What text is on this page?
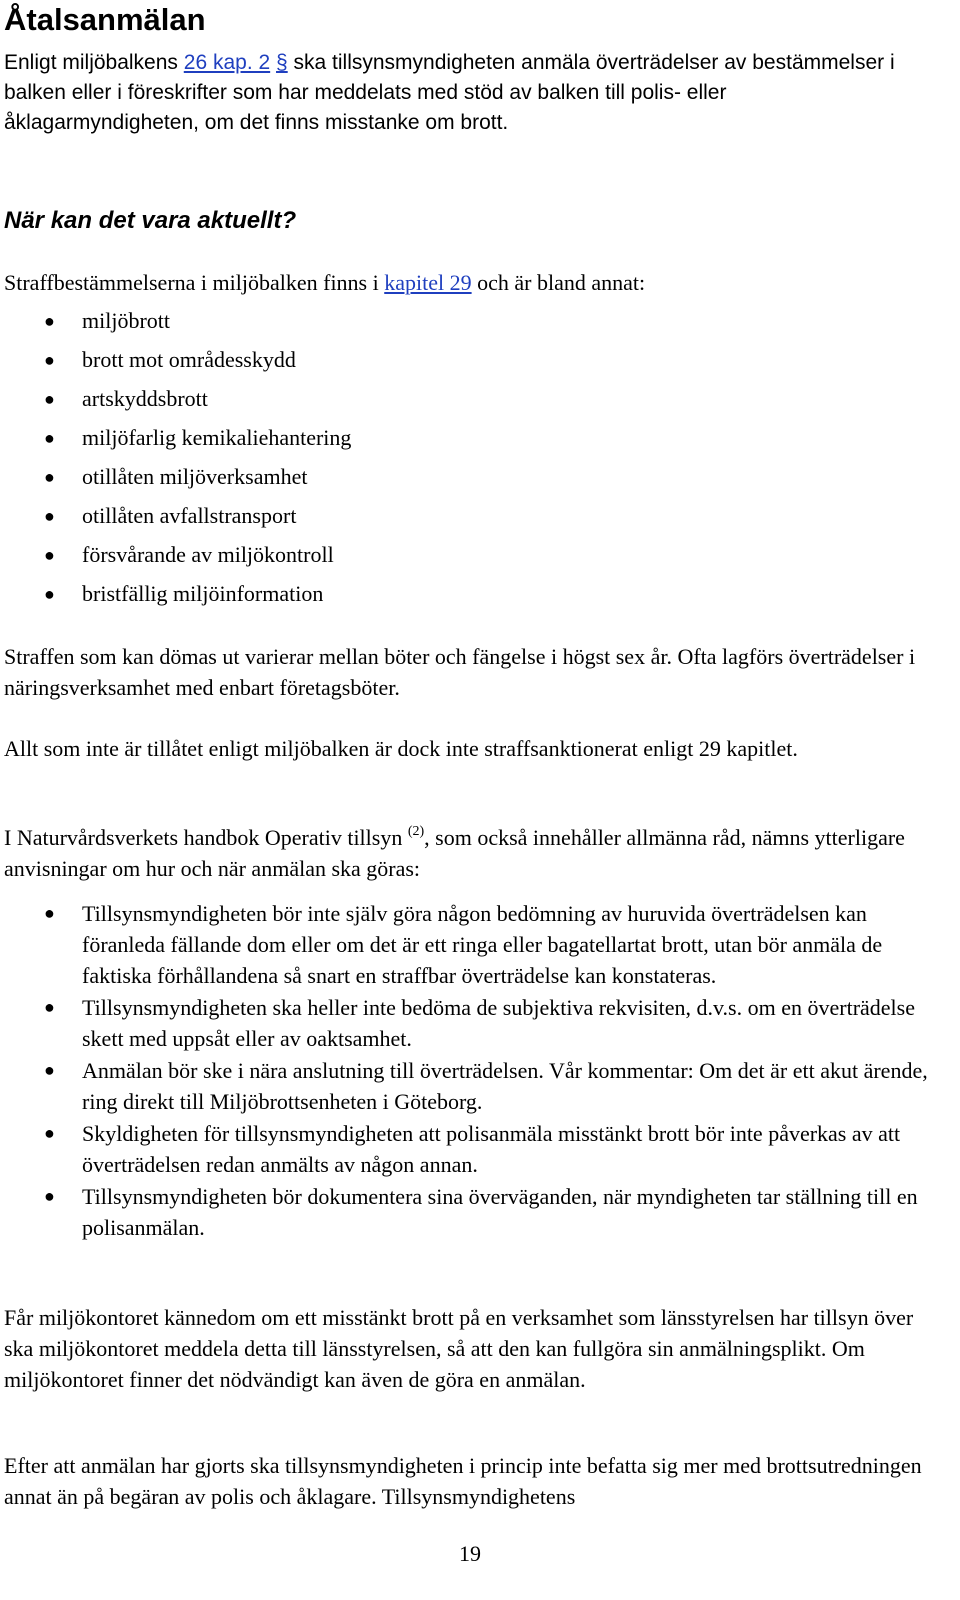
Åtalsanmälan

Enligt miljöbalkens 26 kap. 2 § ska tillsynsmyndigheten anmäla överträdelser av bestämmelser i balken eller i föreskrifter som har meddelats med stöd av balken till polis- eller åklagarmyndigheten, om det finns misstanke om brott.

När kan det vara aktuellt?

Straffbestämmelserna i miljöbalken finns i kapitel 29 och är bland annat:

● miljöbrott
● brott mot områdesskydd
● artskyddsbrott
● miljöfarlig kemikaliehantering
● otillåten miljöverksamhet
● otillåten avfallstransport
● försvårande av miljökontroll
● bristfällig miljöinformation

Straffen som kan dömas ut varierar mellan böter och fängelse i högst sex år. Ofta lagförs överträdelser i näringsverksamhet med enbart företagsböter.

Allt som inte är tillåtet enligt miljöbalken är dock inte straffsanktionerat enligt 29 kapitlet.

I Naturvårdsverkets handbok Operativ tillsyn $^{(2)}$, som också innehåller allmänna råd, nämns ytterligare anvisningar om hur och när anmälan ska göras:

● Tillsynsmyndigheten bör inte själv göra någon bedömning av huruvida överträdelsen kan föranleda fällande dom eller om det är ett ringa eller bagatellartat brott, utan bör anmäla de faktiska förhållandena så snart en straffbar överträdelse kan konstateras.
● Tillsynsmyndigheten ska heller inte bedöma de subjektiva rekvisiten, d.v.s. om en överträdelse skett med uppsåt eller av oaktsamhet.
● Anmälan bör ske i nära anslutning till överträdelsen. Vår kommentar: Om det är ett akut ärende, ring direkt till Miljöbrottsenheten i Göteborg.
● Skyldigheten för tillsynsmyndigheten att polisanmäla misstänkt brott bör inte påverkas av att överträdelsen redan anmälts av någon annan.
● Tillsynsmyndigheten bör dokumentera sina överväganden, när myndigheten tar ställning till en polisanmälan.

Får miljökontoret kännedom om ett misstänkt brott på en verksamhet som länsstyrelsen har tillsyn över ska miljökontoret meddela detta till länsstyrelsen, så att den kan fullgöra sin anmälningsplikt. Om miljökontoret finner det nödvändigt kan även de göra en anmälan.

Efter att anmälan har gjorts ska tillsynsmyndigheten i princip inte befatta sig mer med brottsutredningen annat än på begäran av polis och åklagare. Tillsynsmyndighetens

19
